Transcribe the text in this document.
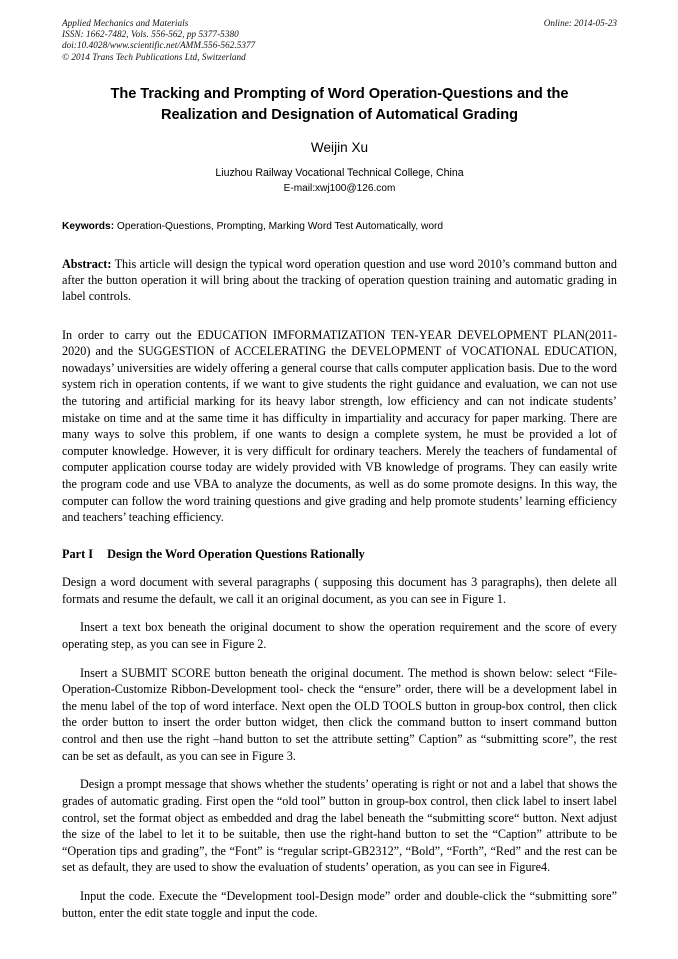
Applied Mechanics and Materials
ISSN: 1662-7482, Vols. 556-562, pp 5377-5380
doi:10.4028/www.scientific.net/AMM.556-562.5377
© 2014 Trans Tech Publications Ltd, Switzerland
Online: 2014-05-23
The Tracking and Prompting of Word Operation-Questions and the Realization and Designation of Automatical Grading
Weijin Xu
Liuzhou Railway Vocational Technical College, China
E-mail:xwj100@126.com
Keywords: Operation-Questions, Prompting, Marking Word Test Automatically, word
Abstract: This article will design the typical word operation question and use word 2010’s command button and after the button operation it will bring about the tracking of operation question training and automatic grading in label controls.

In order to carry out the EDUCATION IMFORMATIZATION TEN-YEAR DEVELOPMENT PLAN(2011-2020) and the SUGGESTION of ACCELERATING the DEVELOPMENT of VOCATIONAL EDUCATION, nowadays’ universities are widely offering a general course that calls computer application basis. Due to the word system rich in operation contents, if we want to give students the right guidance and evaluation, we can not use the tutoring and artificial marking for its heavy labor strength, low efficiency and can not indicate students’ mistake on time and at the same time it has difficulty in impartiality and accuracy for paper marking. There are many ways to solve this problem, if one wants to design a complete system, he must be provided a lot of computer knowledge. However, it is very difficult for ordinary teachers. Merely the teachers of fundamental of computer application course today are widely provided with VB knowledge of programs. They can easily write the program code and use VBA to analyze the documents, as well as do some promote designs. In this way, the computer can follow the word training questions and give grading and help promote students’ learning efficiency and teachers’ teaching efficiency.

Part I Design the Word Operation Questions Rationally

Design a word document with several paragraphs ( supposing this document has 3 paragraphs), then delete all formats and resume the default, we call it an original document, as you can see in Figure 1.

Insert a text box beneath the original document to show the operation requirement and the score of every operating step, as you can see in Figure 2.

Insert a SUBMIT SCORE button beneath the original document. The method is shown below: select “File-Operation-Customize Ribbon-Development tool- check the “ensure” order, there will be a development label in the menu label of the top of word interface. Next open the OLD TOOLS button in group-box control, then click the order button to insert the order button widget, then click the command button to insert command button control and then use the right –hand button to set the attribute setting” Caption” as “submitting score”, the rest can be set as default, as you can see in Figure 3.

Design a prompt message that shows whether the students’ operating is right or not and a label that shows the grades of automatic grading. First open the “old tool” button in group-box control, then click label to insert label control, set the format object as embedded and drag the label beneath the “submitting score“ button. Next adjust the size of the label to let it to be suitable, then use the right-hand button to set the “Caption” attribute to be “Operation tips and grading”, the “Font” is “regular script-GB2312”, “Bold”, “Forth”, “Red” and the rest can be set as default, they are used to show the evaluation of students’ operation, as you can see in Figure4.

Input the code. Execute the “Development tool-Design mode” order and double-click the “submitting sore” button, enter the edit state toggle and input the code.
